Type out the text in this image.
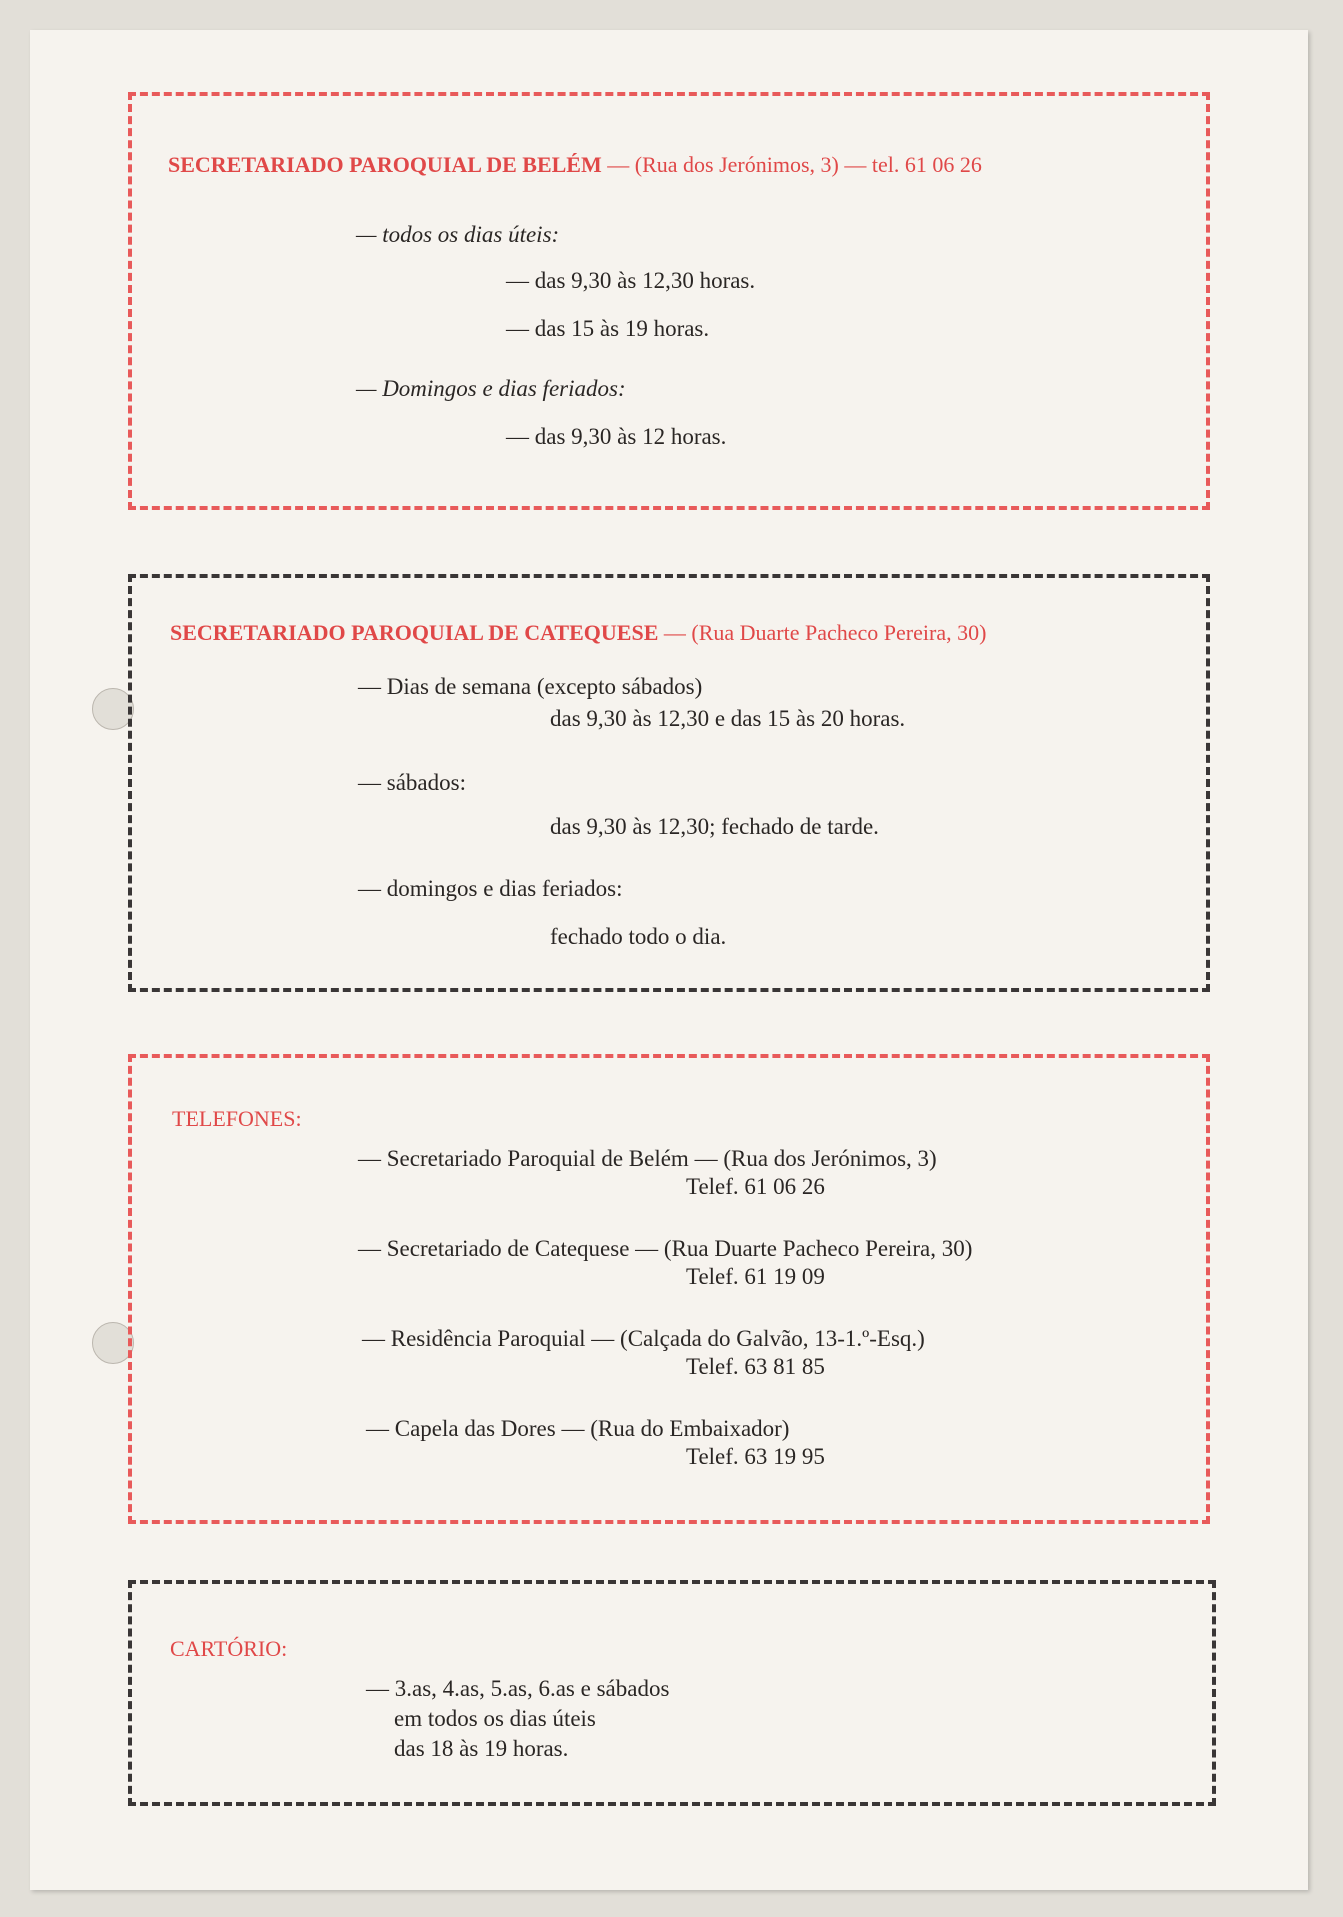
SECRETARIADO PAROQUIAL DE BELÉM — (Rua dos Jerónimos, 3) — tel. 61 06 26
— todos os dias úteis:
— das 9,30 às 12,30 horas.
— das 15 às 19 horas.
— Domingos e dias feriados:
— das 9,30 às 12 horas.
SECRETARIADO PAROQUIAL DE CATEQUESE — (Rua Duarte Pacheco Pereira, 30)
— Dias de semana (excepto sábados)
das 9,30 às 12,30 e das 15 às 20 horas.
— sábados:
das 9,30 às 12,30; fechado de tarde.
— domingos e dias feriados:
fechado todo o dia.
TELEFONES:
— Secretariado Paroquial de Belém — (Rua dos Jerónimos, 3)
Telef. 61 06 26
— Secretariado de Catequese — (Rua Duarte Pacheco Pereira, 30)
Telef. 61 19 09
— Residência Paroquial — (Calçada do Galvão, 13-1.º-Esq.)
Telef. 63 81 85
— Capela das Dores — (Rua do Embaixador)
Telef. 63 19 95
CARTÓRIO:
— 3.as, 4.as, 5.as, 6.as e sábados
em todos os dias úteis
das 18 às 19 horas.
